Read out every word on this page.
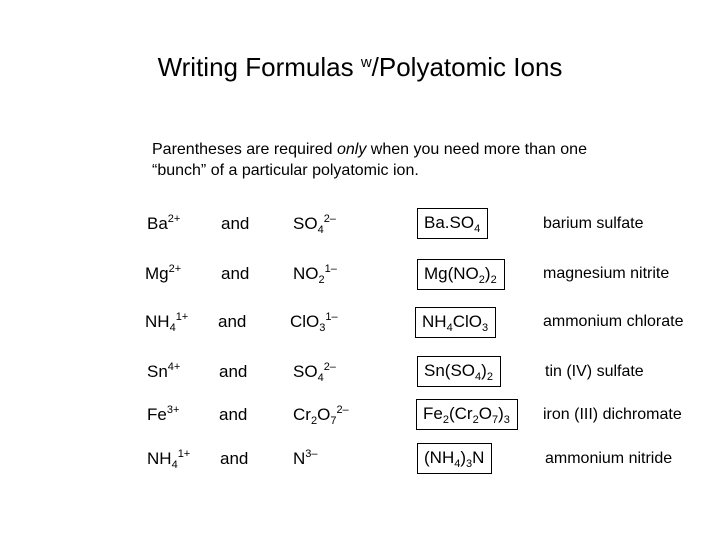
Writing Formulas $^w$/Polyatomic Ions
Parentheses are required only when you need more than one “bunch” of a particular polyatomic ion.
$Ba^{2+}$ and	$SO_4^{2-}$	$Ba.SO_4$	barium sulfate
$Mg^{2+}$ and	$NO_2^{1-}$	$Mg(NO_2)_2$	magnesium nitrite
$NH_4^{1+}$ and	ClO$_3^{1-}$	$NH_4ClO_3$	ammonium chlorate
$Sn^{4+}$ and	$SO_4^{2-}$	$Sn(SO_4)_2$	tin (IV) sulfate
$Fe^{3+}$ and	$Cr_2O_7^{2-}$	$Fe_2(Cr_2O_7)_3$	iron (III) dichromate
$NH_4^{1+}$ and	$N^{3-}$	$(NH_4)_3N$	ammonium nitride
